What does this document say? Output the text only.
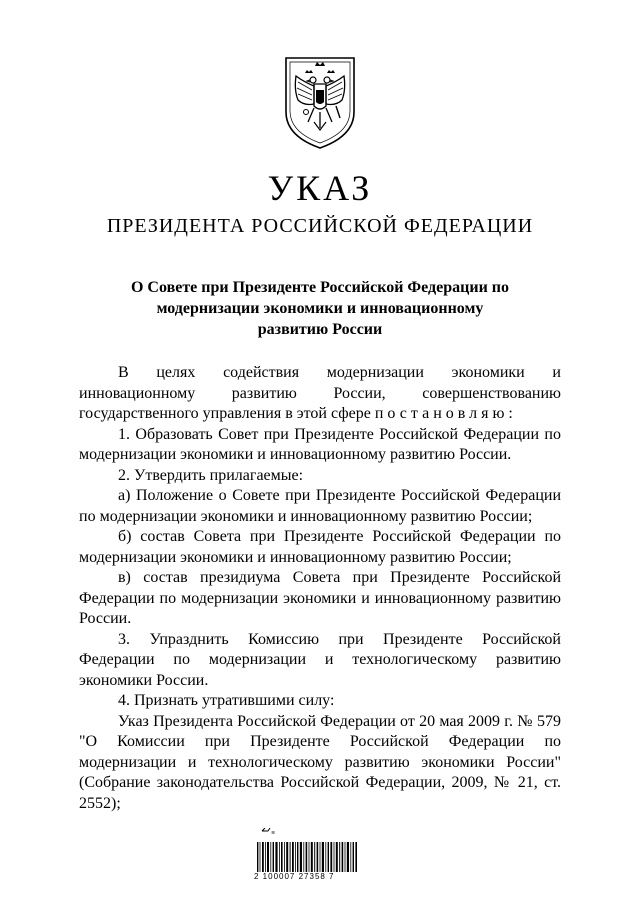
УКАЗ
ПРЕЗИДЕНТА РОССИЙСКОЙ ФЕДЕРАЦИИ
О Совете при Президенте Российской Федерации по
модернизации экономики и инновационному
развитию России

В целях содействия модернизации экономики и инновационному развитию России, совершенствованию государственного управления в этой сфере постановляю:

1. Образовать Совет при Президенте Российской Федерации по модернизации экономики и инновационному развитию России.

2. Утвердить прилагаемые:

а) Положение о Совете при Президенте Российской Федерации по модернизации экономики и инновационному развитию России;

б) состав Совета при Президенте Российской Федерации по модернизации экономики и инновационному развитию России;

в) состав президиума Совета при Президенте Российской Федерации по модернизации экономики и инновационному развитию России.

3. Упразднить Комиссию при Президенте Российской Федерации по модернизации и технологическому развитию экономики России.

4. Признать утратившими силу:

Указ Президента Российской Федерации от 20 мая 2009 г. № 579 "О Комиссии при Президенте Российской Федерации по модернизации и технологическому развитию экономики России" (Собрание законодательства Российской Федерации, 2009, № 21, ст. 2552);

≋
2 100007 27358 7
